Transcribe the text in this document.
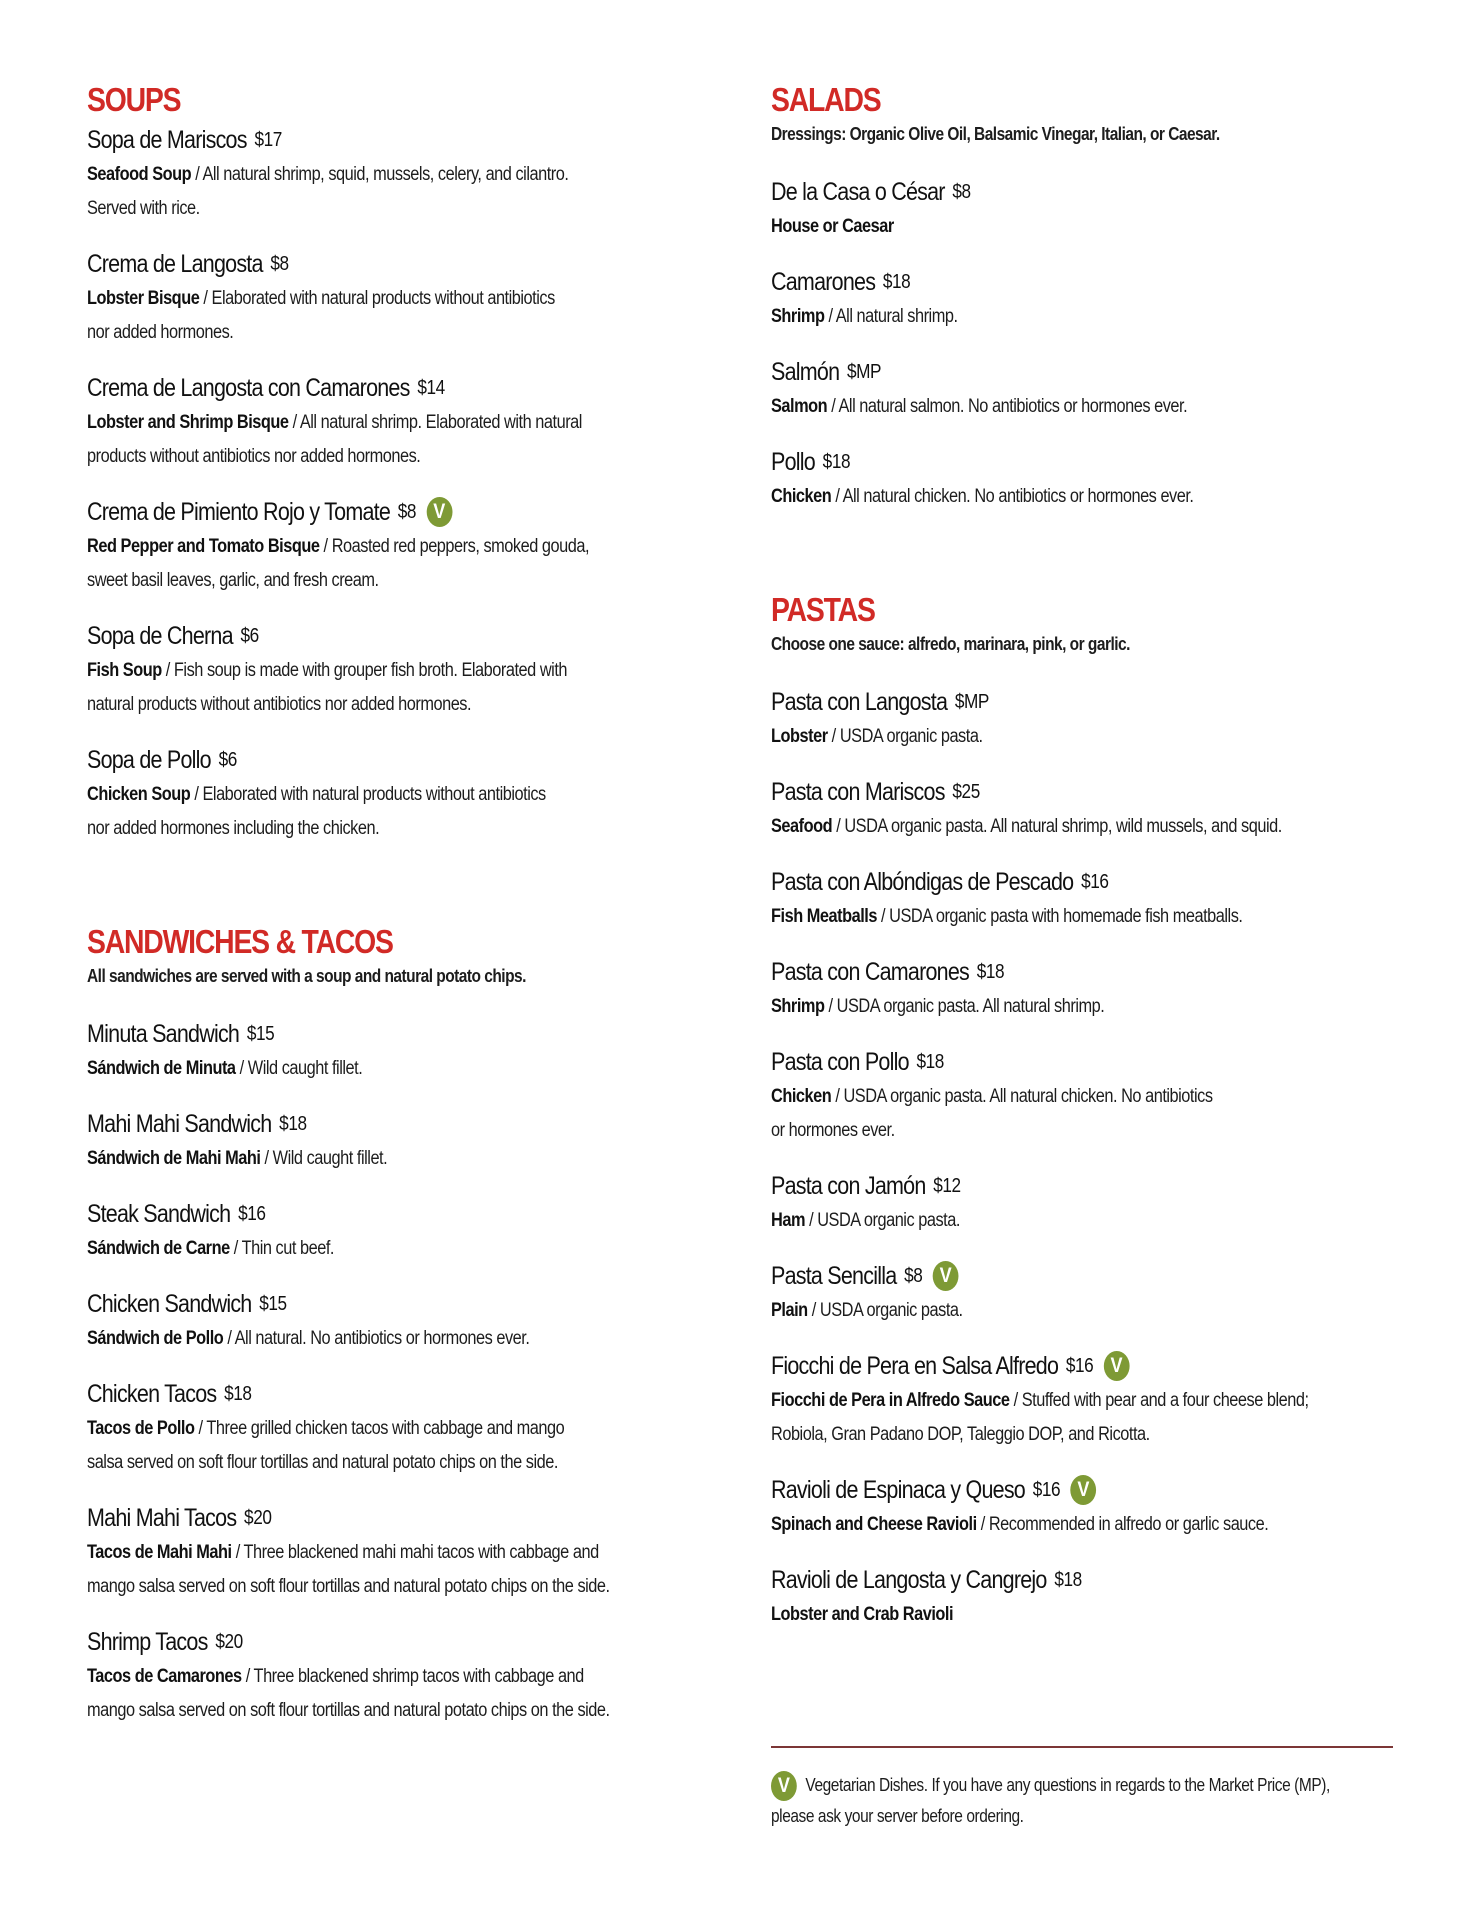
SOUPS
Sopa de Mariscos $17

Seafood Soup / All natural shrimp, squid, mussels, celery, and cilantro.
Served with rice.

Crema de Langosta $8

Lobster Bisque / Elaborated with natural products without antibiotics
nor added hormones.

Crema de Langosta con Camarones $14

Lobster and Shrimp Bisque / All natural shrimp. Elaborated with natural
products without antibiotics nor added hormones.

Crema de Pimiento Rojo y Tomate $8 V

Red Pepper and Tomato Bisque / Roasted red peppers, smoked gouda,
sweet basil leaves, garlic, and fresh cream.

Sopa de Cherna $6

Fish Soup / Fish soup is made with grouper fish broth. Elaborated with
natural products without antibiotics nor added hormones.

Sopa de Pollo $6

Chicken Soup / Elaborated with natural products without antibiotics
nor added hormones including the chicken.

SANDWICHES & TACOS

All sandwiches are served with a soup and natural potato chips.

Minuta Sandwich $15

Sándwich de Minuta / Wild caught fillet.

Mahi Mahi Sandwich $18

Sándwich de Mahi Mahi / Wild caught fillet.

Steak Sandwich $16

Sándwich de Carne / Thin cut beef.

Chicken Sandwich $15

Sándwich de Pollo / All natural. No antibiotics or hormones ever.

Chicken Tacos $18

Tacos de Pollo / Three grilled chicken tacos with cabbage and mango
salsa served on soft flour tortillas and natural potato chips on the side.

Mahi Mahi Tacos $20

Tacos de Mahi Mahi / Three blackened mahi mahi tacos with cabbage and
mango salsa served on soft flour tortillas and natural potato chips on the side.

Shrimp Tacos $20

Tacos de Camarones / Three blackened shrimp tacos with cabbage and
mango salsa served on soft flour tortillas and natural potato chips on the side.

SALADS

Dressings: Organic Olive Oil, Balsamic Vinegar, Italian, or Caesar.

De la Casa o César $8

House or Caesar

Camarones $18

Shrimp / All natural shrimp.

Salmón $MP

Salmon / All natural salmon. No antibiotics or hormones ever.

Pollo $18

Chicken / All natural chicken. No antibiotics or hormones ever.

PASTAS

Choose one sauce: alfredo, marinara, pink, or garlic.

Pasta con Langosta $MP

Lobster / USDA organic pasta.

Pasta con Mariscos $25

Seafood / USDA organic pasta. All natural shrimp, wild mussels, and squid.

Pasta con Albóndigas de Pescado $16

Fish Meatballs / USDA organic pasta with homemade fish meatballs.

Pasta con Camarones $18

Shrimp / USDA organic pasta. All natural shrimp.

Pasta con Pollo $18

Chicken / USDA organic pasta. All natural chicken. No antibiotics
or hormones ever.

Pasta con Jamón $12

Ham / USDA organic pasta.

Pasta Sencilla $8 V

Plain / USDA organic pasta.

Fiocchi de Pera en Salsa Alfredo $16 V

Fiocchi de Pera in Alfredo Sauce / Stuffed with pear and a four cheese blend;
Robiola, Gran Padano DOP, Taleggio DOP, and Ricotta.

Ravioli de Espinaca y Queso $16 V

Spinach and Cheese Ravioli / Recommended in alfredo or garlic sauce.

Ravioli de Langosta y Cangrejo $18

Lobster and Crab Ravioli

V Vegetarian Dishes. If you have any questions in regards to the Market Price (MP),
please ask your server before ordering.
